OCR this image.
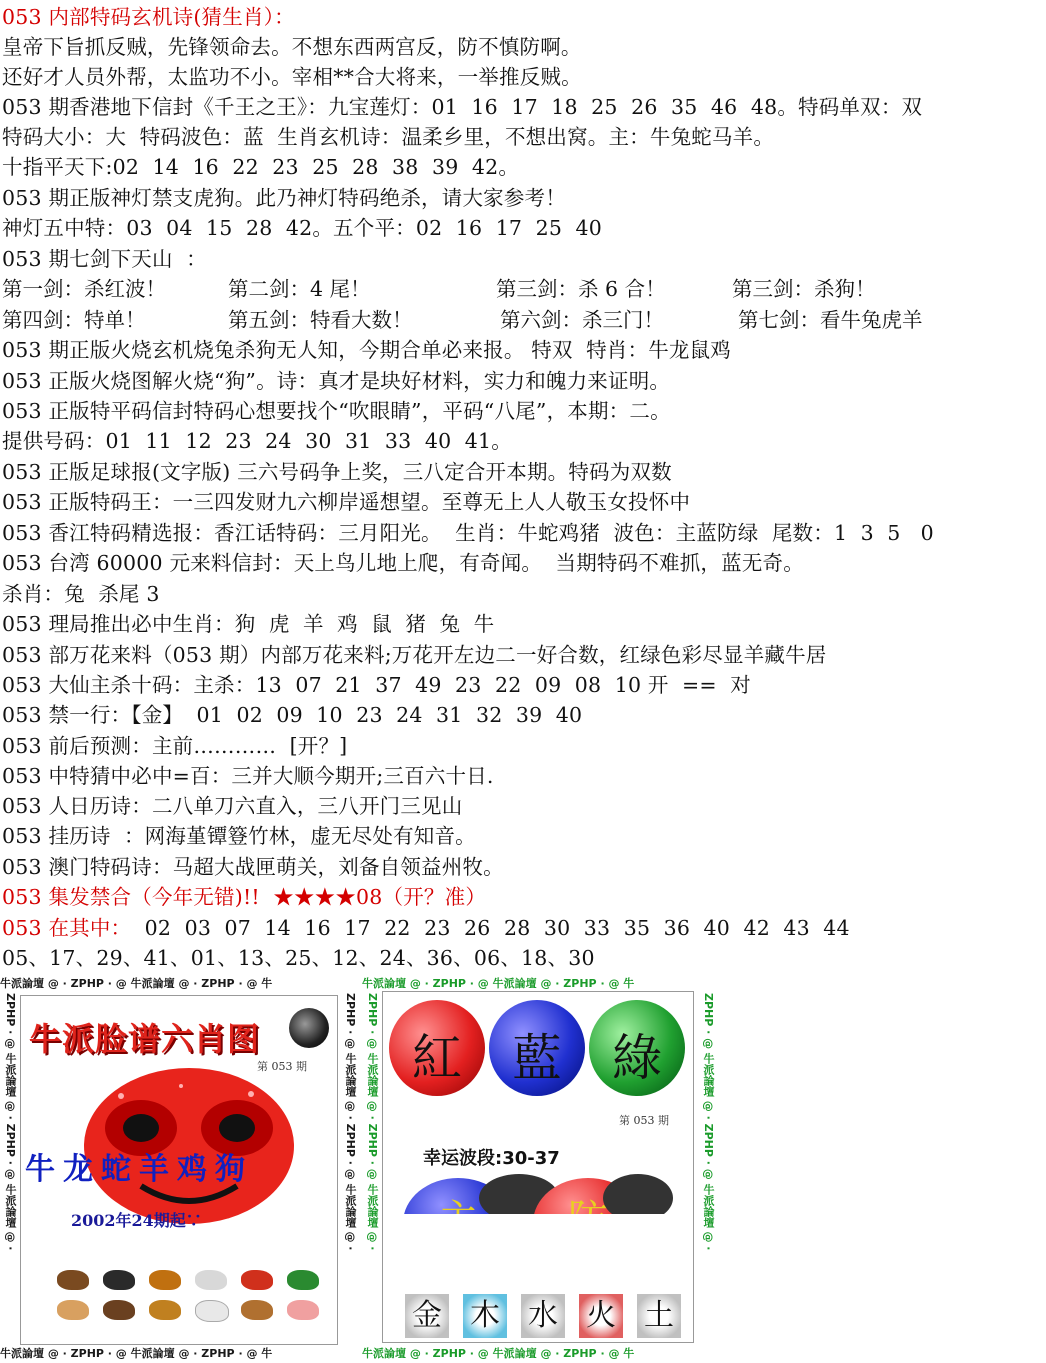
053 内部特码玄机诗(猜生肖）：
皇帝下旨抓反贼，先锋领命去。不想东西两宫反，防不慎防啊。
还好才人员外帮，太监功不小。宰相**合大将来，一举推反贼。
053 期香港地下信封《千王之王》：九宝莲灯：01  16  17  18  25  26  35  46  48。特码单双：双
特码大小：大  特码波色：蓝  生肖玄机诗：温柔乡里，不想出窝。主：牛兔蛇马羊。
十指平天下:02  14  16  22  23  25  28  38  39  42。
053 期正版神灯禁支虎狗。此乃神灯特码绝杀，请大家参考！
神灯五中特：03  04  15  28  42。五个平：02  16  17  25  40
053 期七剑下天山  ：
053 期正版火烧玄机烧兔杀狗无人知，今期合单必来报。 特双  特肖：牛龙鼠鸡
053 正版火烧图解火烧“狗”。诗：真才是块好材料，实力和魄力来证明。
053 正版特平码信封特码心想要找个“吹眼睛”，平码“八尾”，本期：二。
提供号码：01  11  12  23  24  30  31  33  40  41。
053 正版足球报(文字版) 三六号码争上奖，三八定合开本期。特码为双数
053 正版特码王：一三四发财九六柳岸遥想望。至尊无上人人敬玉女投怀中
053 香江特码精选报：香江话特码：三月阳光。  生肖：牛蛇鸡猪  波色：主蓝防绿  尾数：1  3  5   0
053 台湾 60000 元来料信封：天上鸟儿地上爬，有奇闻。  当期特码不难抓，蓝无奇。
杀肖：兔  杀尾 3
053 理局推出必中生肖：狗  虎  羊  鸡  鼠  猪  兔  牛
053 部万花来料（053 期）内部万花来料;万花开左边二一好合数，红绿色彩尽显羊藏牛居
053 大仙主杀十码：主杀：13  07  21  37  49  23  22  09  08  10 开  ==  对
053 禁一行：【金】  01  02  09  10  23  24  31  32  39  40
053 前后预测：主前…………  [开？]
053 中特猜中必中=百：三并大顺今期开;三百六十日.
053 人日历诗：二八单刀六直入，三八开门三见山
053 挂历诗  ：网海堇镡簦竹林，虚无尽处有知音。
053 澳门特码诗：马超大战匣萌关，刘备自领益州牧。
053 集发禁合（今年无错)!!  ★★★★08（开？准）
053 在其中：  02  03  07  14  16  17  22  23  26  28  30  33  35  36  40  42  43  44
05、17、29、41、01、13、25、12、24、36、06、18、30
第一剑：杀红波！	第二剑：4 尾！	第三剑：杀 6 合！	第三剑：杀狗！
第四剑：特单！	第五剑：特看大数！	第六剑：杀三门！	第七剑：看牛兔虎羊
牛派論壇 @ · ZPHP · @ 牛派論壇 @ · ZPHP · @ 牛
牛派論壇 @ · ZPHP · @ 牛派論壇 @ · ZPHP · @ 牛
ZPHP · @ 牛派論壇 @ · ZPHP · @ 牛派論壇 @ ·	ZPHP · @ 牛派論壇 @ · ZPHP · @ 牛派論壇 @ ·
牛派脸谱六肖图
第 053 期
牛龙蛇羊鸡狗
2002年24期起∵
牛派論壇 @ · ZPHP · @ 牛派論壇 @ · ZPHP · @ 牛
牛派論壇 @ · ZPHP · @ 牛派論壇 @ · ZPHP · @ 牛
ZPHP · @ 牛派論壇 @ · ZPHP · @ 牛派論壇 @ ·	ZPHP · @ 牛派論壇 @ · ZPHP · @ 牛派論壇 @ ·
紅	藍	綠
第 053 期
幸运波段:30-37
金 木 水 火 土
